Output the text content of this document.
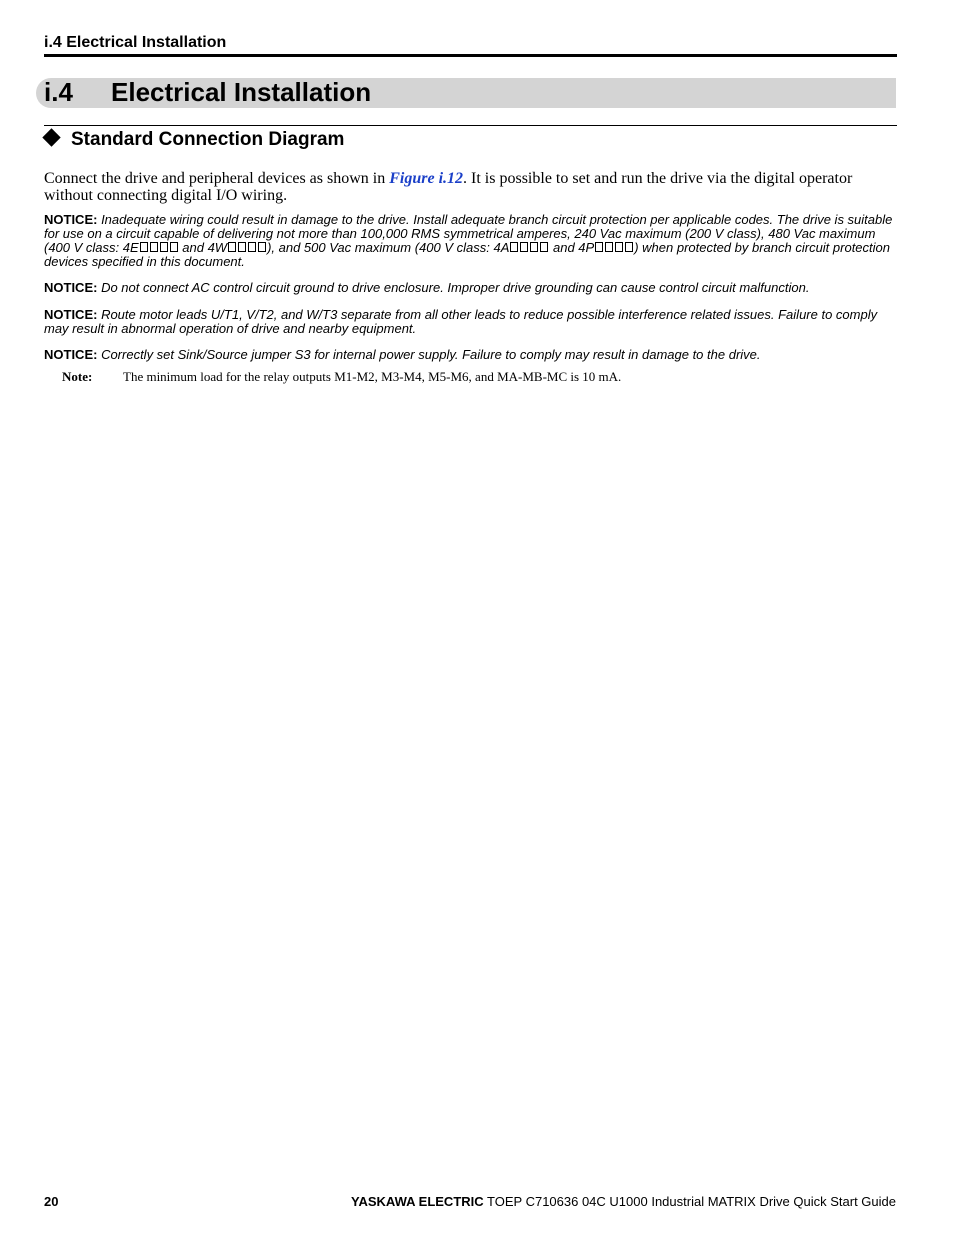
i.4 Electrical Installation
i.4 Electrical Installation
Standard Connection Diagram
Connect the drive and peripheral devices as shown in Figure i.12. It is possible to set and run the drive via the digital operator without connecting digital I/O wiring.
NOTICE: Inadequate wiring could result in damage to the drive. Install adequate branch circuit protection per applicable codes. The drive is suitable for use on a circuit capable of delivering not more than 100,000 RMS symmetrical amperes, 240 Vac maximum (200 V class), 480 Vac maximum (400 V class: 4E	and 4W	), and 500 Vac maximum (400 V class: 4A	and 4P	) when protected by branch circuit protection devices specified in this document.
NOTICE: Do not connect AC control circuit ground to drive enclosure. Improper drive grounding can cause control circuit malfunction.
NOTICE: Route motor leads U/T1, V/T2, and W/T3 separate from all other leads to reduce possible interference related issues. Failure to comply may result in abnormal operation of drive and nearby equipment.
NOTICE: Correctly set Sink/Source jumper S3 for internal power supply. Failure to comply may result in damage to the drive.
Note: The minimum load for the relay outputs M1-M2, M3-M4, M5-M6, and MA-MB-MC is 10 mA.
20	YASKAWA ELECTRIC TOEP C710636 04C U1000 Industrial MATRIX Drive Quick Start Guide
